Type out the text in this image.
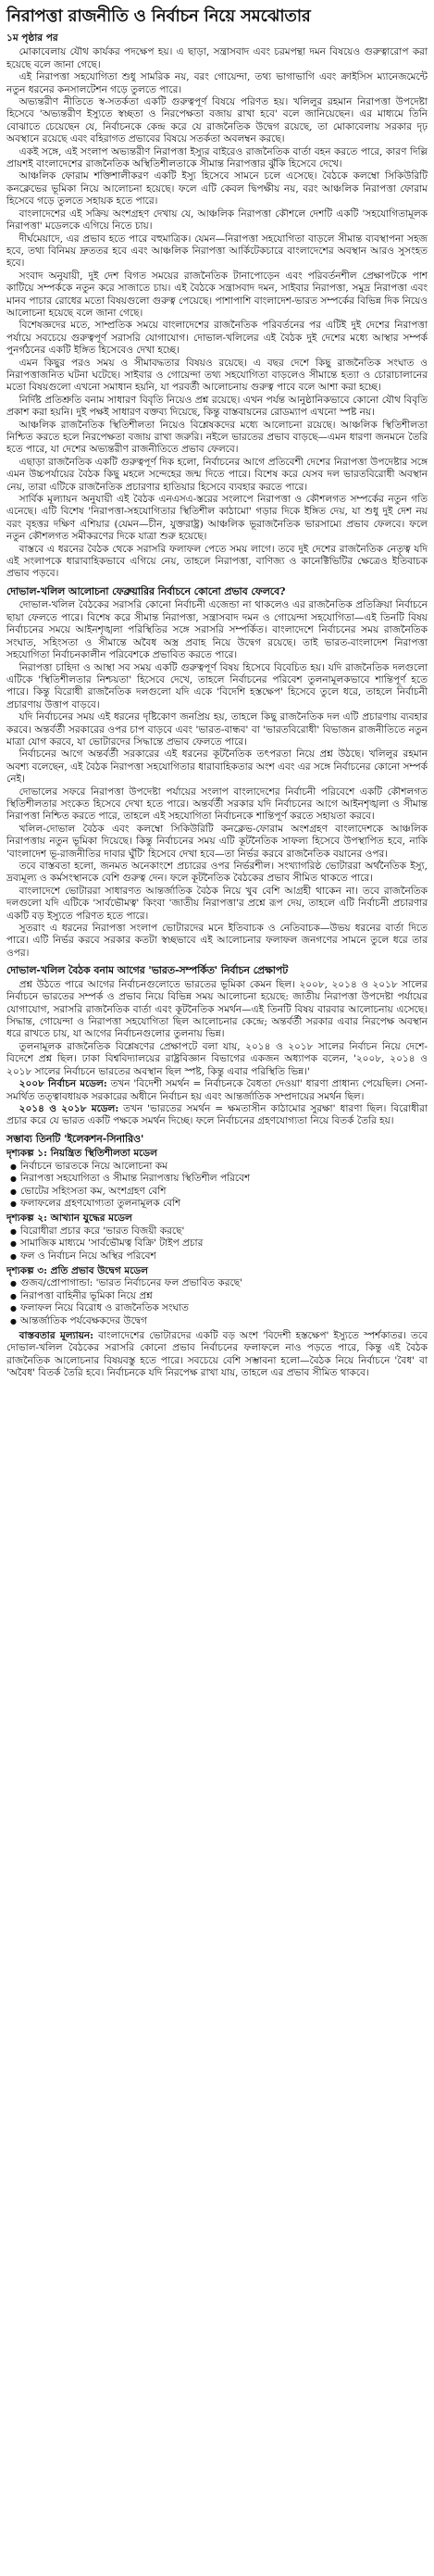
নিরাপত্তা রাজনীতি ও নির্বাচন নিয়ে সমঝোতার
১ম পৃষ্ঠার পর

মোকাবেলায় যৌথ কার্যকর পদক্ষেপ হয়। এ ছাড়া, সন্ত্রাসবাদ এবং চরমপন্থা দমন বিষয়েও গুরুত্বারোপ করা হয়েছে বলে জানা গেছে।

এই নিরাপত্তা সহযোগিতা শুধু সামরিক নয়, বরং গোয়েন্দা, তথ্য ভাগাভাগি এবং ক্রাইসিস ম্যানেজমেন্টে নতুন ধরনের কনসালটেশন গড়ে তুলতে পারে।

অভ্যন্তরীণ নীতিতে স্ব-সতর্কতা একটি গুরুত্বপূর্ণ বিষয়ে পরিণত হয়। খলিলুর রহমান নিরাপত্তা উপদেষ্টা হিসেবে 'অভ্যন্তরীণ ইস্যুতে স্বচ্ছতা ও নিরপেক্ষতা বজায় রাখা হবে' বলে জানিয়েছেন। এর মাধ্যমে তিনি বোঝাতে চেয়েছেন যে, নির্বাচনকে কেন্দ্র করে যে রাজনৈতিক উদ্বেগ রয়েছে, তা মোকাবেলায় সরকার দৃঢ় অবস্থানে রয়েছে এবং বহিরাগত প্রভাবের বিষয়ে সতর্কতা অবলম্বন করছে।

একই সঙ্গে, এই সংলাপ অভ্যন্তরীণ নিরাপত্তা ইস্যুর বাইরেও রাজনৈতিক বার্তা বহন করতে পারে, কারণ দিল্লি প্রায়শই বাংলাদেশের রাজনৈতিক অস্থিতিশীলতাকে সীমান্ত নিরাপত্তার ঝুঁকি হিসেবে দেখে।

আঞ্চলিক ফোরাম শক্তিশালীকরণ একটি ইস্যু হিসেবে সামনে চলে এসেছে। বৈঠকে কলম্বো সিকিউরিটি কনক্লেভের ভূমিকা নিয়ে আলোচনা হয়েছে। ফলে এটি কেবল দ্বিপক্ষীয় নয়, বরং আঞ্চলিক নিরাপত্তা ফোরাম হিসেবে গড়ে তুলতে সহায়ক হতে পারে।

বাংলাদেশের এই সক্রিয় অংশগ্রহণ দেখায় যে, আঞ্চলিক নিরাপত্তা কৌশলে দেশটি একটি 'সহযোগিতামূলক নিরাপত্তা' মডেলকে এগিয়ে নিতে চায়।

দীর্ঘমেয়াদে, এর প্রভাব হতে পারে বহুমাত্রিক। যেমন—নিরাপত্তা সহযোগিতা বাড়লে সীমান্ত ব্যবস্থাপনা সহজ হবে, তথ্য বিনিময় দ্রুততর হবে এবং আঞ্চলিক নিরাপত্তা আর্কিটেকচারে বাংলাদেশের অবস্থান আরও সুসংহত হবে।

সংবাদ অনুযায়ী, দুই দেশ বিগত সময়ের রাজনৈতিক টানাপোড়েন এবং পরিবর্তনশীল প্রেক্ষাপটকে পাশ কাটিয়ে সম্পর্ককে নতুন করে সাজাতে চায়। এই বৈঠকে সন্ত্রাসবাদ দমন, সাইবার নিরাপত্তা, সমুদ্র নিরাপত্তা এবং মানব পাচার রোধের মতো বিষয়গুলো গুরুত্ব পেয়েছে। পাশাপাশি বাংলাদেশ-ভারত সম্পর্কের বিভিন্ন দিক নিয়েও আলোচনা হয়েছে বলে জানা গেছে।

বিশেষজ্ঞদের মতে, সাম্প্রতিক সময়ে বাংলাদেশের রাজনৈতিক পরিবর্তনের পর এটিই দুই দেশের নিরাপত্তা পর্যায়ে সবচেয়ে গুরুত্বপূর্ণ সরাসরি যোগাযোগ। দোভাল-খলিলের এই বৈঠক দুই দেশের মধ্যে আস্থার সম্পর্ক পুনর্গঠনের একটি ইঙ্গিত হিসেবেও দেখা হচ্ছে।

এমন কিছুর পরও সময় ও সীমাবদ্ধতার বিষয়ও রয়েছে। এ বছর দেশে কিছু রাজনৈতিক সংঘাত ও নিরাপত্তাজনিত ঘটনা ঘটেছে। সাইবার ও গোয়েন্দা তথ্য সহযোগিতা বাড়লেও সীমান্তে হত্যা ও চোরাচালানের মতো বিষয়গুলো এখনো সমাধান হয়নি, যা পরবর্তী আলোচনায় গুরুত্ব পাবে বলে আশা করা হচ্ছে।

নির্দিষ্ট প্রতিশ্রুতি বনাম সাধারণ বিবৃতি নিয়েও প্রশ্ন রয়েছে। এখন পর্যন্ত আনুষ্ঠানিকভাবে কোনো যৌথ বিবৃতি প্রকাশ করা হয়নি। দুই পক্ষই সাধারণ বক্তব্য দিয়েছে, কিন্তু বাস্তবায়নের রোডম্যাপ এখনো স্পষ্ট নয়।

আঞ্চলিক রাজনৈতিক স্থিতিশীলতা নিয়েও বিশ্লেষকদের মধ্যে আলোচনা রয়েছে। আঞ্চলিক স্থিতিশীলতা নিশ্চিত করতে হলে নিরপেক্ষতা বজায় রাখা জরুরি। নইলে ভারতের প্রভাব বাড়ছে—এমন ধারণা জনমনে তৈরি হতে পারে, যা দেশের অভ্যন্তরীণ রাজনীতিতে প্রভাব ফেলবে।

এছাড়া রাজনৈতিক একটি গুরুত্বপূর্ণ দিক হলো, নির্বাচনের আগে প্রতিবেশী দেশের নিরাপত্তা উপদেষ্টার সঙ্গে এমন উচ্চপর্যায়ের বৈঠক কিছু মহলে সন্দেহের জন্ম দিতে পারে। বিশেষ করে যেসব দল ভারতবিরোধী অবস্থান নেয়, তারা এটিকে রাজনৈতিক প্রচারণার হাতিয়ার হিসেবে ব্যবহার করতে পারে।

সার্বিক মূল্যায়ন অনুযায়ী এই বৈঠক এনএসএ-স্তরের সংলাপে নিরাপত্তা ও কৌশলগত সম্পর্কের নতুন গতি এনেছে। এটি বিশেষ 'নিরাপত্তা-সহযোগিতার স্থিতিশীল কাঠামো' গড়ার দিকে ইঙ্গিত দেয়, যা শুধু দুই দেশ নয় বরং বৃহত্তর দক্ষিণ এশিয়ার (যেমন—চীন, যুক্তরাষ্ট্র) আঞ্চলিক ভূরাজনৈতিক ভারসাম্যে প্রভাব ফেলবে। ফলে নতুন কৌশলগত সমীকরণের দিকে যাত্রা শুরু হয়েছে।

বাস্তবে এ ধরনের বৈঠক থেকে সরাসরি ফলাফল পেতে সময় লাগে। তবে দুই দেশের রাজনৈতিক নেতৃত্ব যদি এই সংলাপকে ধারাবাহিকভাবে এগিয়ে নেয়, তাহলে নিরাপত্তা, বাণিজ্য ও কানেক্টিভিটির ক্ষেত্রেও ইতিবাচক প্রভাব পড়বে।

দোভাল-খলিল আলোচনা ফেব্রুয়ারির নির্বাচনে কোনো প্রভাব ফেলবে?

দোভাল-খলিল বৈঠকের সরাসরি কোনো নির্বাচনী এজেন্ডা না থাকলেও এর রাজনৈতিক প্রতিক্রিয়া নির্বাচনে ছায়া ফেলতে পারে। বিশেষ করে সীমান্ত নিরাপত্তা, সন্ত্রাসবাদ দমন ও গোয়েন্দা সহযোগিতা—এই তিনটি বিষয় নির্বাচনের সময়ে আইনশৃঙ্খলা পরিস্থিতির সঙ্গে সরাসরি সম্পর্কিত। বাংলাদেশে নির্বাচনের সময় রাজনৈতিক সংঘাত, সহিংসতা ও সীমান্তে অবৈধ অস্ত্র প্রবাহ নিয়ে উদ্বেগ রয়েছে। তাই ভারত-বাংলাদেশ নিরাপত্তা সহযোগিতা নির্বাচনকালীন পরিবেশকে প্রভাবিত করতে পারে।

নিরাপত্তা চাহিদা ও আস্থা সব সময় একটি গুরুত্বপূর্ণ বিষয় হিসেবে বিবেচিত হয়। যদি রাজনৈতিক দলগুলো এটিকে 'স্থিতিশীলতার নিশ্চয়তা' হিসেবে দেখে, তাহলে নির্বাচনের পরিবেশ তুলনামূলকভাবে শান্তিপূর্ণ হতে পারে। কিন্তু বিরোধী রাজনৈতিক দলগুলো যদি একে 'বিদেশি হস্তক্ষেপ' হিসেবে তুলে ধরে, তাহলে নির্বাচনী প্রচারণায় উত্তাপ বাড়বে।

যদি নির্বাচনের সময় এই ধরনের দৃষ্টিকোণ জনপ্রিয় হয়, তাহলে কিছু রাজনৈতিক দল এটি প্রচারণায় ব্যবহার করবে। অন্তর্বর্তী সরকারের ওপর চাপ বাড়বে এবং 'ভারত-বান্ধব' বা 'ভারতবিরোধী' বিভাজন রাজনীতিতে নতুন মাত্রা যোগ করবে, যা ভোটারদের সিদ্ধান্তে প্রভাব ফেলতে পারে।

নির্বাচনের আগে অন্তর্বর্তী সরকারের এই ধরনের কূটনৈতিক তৎপরতা নিয়ে প্রশ্ন উঠছে। খলিলুর রহমান অবশ্য বলেছেন, এই বৈঠক নিরাপত্তা সহযোগিতার ধারাবাহিকতার অংশ এবং এর সঙ্গে নির্বাচনের কোনো সম্পর্ক নেই।

দোভালের সফরে নিরাপত্তা উপদেষ্টা পর্যায়ের সংলাপ বাংলাদেশের নির্বাচনী পরিবেশে একটি কৌশলগত স্থিতিশীলতার সংকেত হিসেবে দেখা হতে পারে। অন্তর্বর্তী সরকার যদি নির্বাচনের আগে আইনশৃঙ্খলা ও সীমান্ত নিরাপত্তা নিশ্চিত করতে পারে, তাহলে এই সহযোগিতা নির্বাচনকে শান্তিপূর্ণ করতে সহায়তা করবে।

খলিল-দোভাল বৈঠক এবং কলম্বো সিকিউরিটি কনক্লেভ-ফোরাম অংশগ্রহণ বাংলাদেশকে আঞ্চলিক নিরাপত্তায় নতুন ভূমিকা দিয়েছে। কিন্তু নির্বাচনের সময় এটি কূটনৈতিক সাফল্য হিসেবে উপস্থাপিত হবে, নাকি 'বাংলাদেশ ভূ-রাজনীতির দাবার ঘুঁটি' হিসেবে দেখা হবে—তা নির্ভর করবে রাজনৈতিক বয়ানের ওপর।

তবে বাস্তবতা হলো, জনমত অনেকাংশে প্রচারের ওপর নির্ভরশীল। সংখ্যাগরিষ্ঠ ভোটাররা অর্থনৈতিক ইস্যু, দ্রব্যমূল্য ও কর্মসংস্থানকে বেশি গুরুত্ব দেন। ফলে কূটনৈতিক বৈঠকের প্রভাব সীমিত থাকতে পারে।

বাংলাদেশে ভোটাররা সাধারণত আন্তর্জাতিক বৈঠক নিয়ে খুব বেশি আগ্রহী থাকেন না। তবে রাজনৈতিক দলগুলো যদি এটিকে 'সার্বভৌমত্ব' কিংবা 'জাতীয় নিরাপত্তা'র প্রশ্নে রূপ দেয়, তাহলে এটি নির্বাচনী প্রচারণার একটি বড় ইস্যুতে পরিণত হতে পারে।

সুতরাং এ ধরনের নিরাপত্তা সংলাপ ভোটারদের মনে ইতিবাচক ও নেতিবাচক—উভয় ধরনের বার্তা দিতে পারে। এটি নির্ভর করবে সরকার কতটা স্বচ্ছভাবে এই আলোচনার ফলাফল জনগণের সামনে তুলে ধরে তার ওপর।

দোভাল-খলিল বৈঠক বনাম আগের 'ভারত-সম্পর্কিত' নির্বাচন প্রেক্ষাপট

প্রশ্ন উঠতে পারে আগের নির্বাচনগুলোতে ভারতের ভূমিকা কেমন ছিল। ২০০৮, ২০১৪ ও ২০১৮ সালের নির্বাচনে ভারতের সম্পর্ক ও প্রভাব নিয়ে বিভিন্ন সময় আলোচনা হয়েছে: জাতীয় নিরাপত্তা উপদেষ্টা পর্যায়ের যোগাযোগ, সরাসরি রাজনৈতিক বার্তা এবং কূটনৈতিক সমর্থন—এই তিনটি বিষয় বারবার আলোচনায় এসেছে। সিদ্ধান্ত, গোয়েন্দা ও নিরাপত্তা সহযোগিতা ছিল আলোচনার কেন্দ্রে; অন্তর্বর্তী সরকার এবার নিরপেক্ষ অবস্থান ধরে রাখতে চায়, যা আগের নির্বাচনগুলোর তুলনায় ভিন্ন।

তুলনামূলক রাজনৈতিক বিশ্লেষণের প্রেক্ষাপটে বলা যায়, ২০১৪ ও ২০১৮ সালের নির্বাচন নিয়ে দেশে-বিদেশে প্রশ্ন ছিল। ঢাকা বিশ্ববিদ্যালয়ের রাষ্ট্রবিজ্ঞান বিভাগের একজন অধ্যাপক বলেন, '২০০৮, ২০১৪ ও ২০১৮ সালের নির্বাচনে ভারতের অবস্থান ছিল স্পষ্ট, কিন্তু এবার পরিস্থিতি ভিন্ন।'

২০০৮ নির্বাচন মডেল: তখন 'বিদেশী সমর্থন = নির্বাচনকে বৈধতা দেওয়া' ধারণা প্রাধান্য পেয়েছিল। সেনা-সমর্থিত তত্ত্বাবধায়ক সরকারের অধীনে নির্বাচন হয় এবং আন্তর্জাতিক সম্প্রদায়ের সমর্থন ছিল।

২০১৪ ও ২০১৮ মডেল: তখন 'ভারতের সমর্থন = ক্ষমতাসীন কাঠামোর সুরক্ষা' ধারণা ছিল। বিরোধীরা প্রচার করে যে ভারত একটি পক্ষকে সমর্থন দিচ্ছে। ফলে নির্বাচনের গ্রহণযোগ্যতা নিয়ে বিতর্ক তৈরি হয়।

সম্ভাব্য তিনটি 'ইলেকশন-সিনারিও'
দৃশ্যকল্প ১: নিয়ন্ত্রিত স্থিতিশীলতা মডেল
● নির্বাচনে ভারতকে নিয়ে আলোচনা কম
● নিরাপত্তা সহযোগিতা ও সীমান্ত নিরাপত্তায় স্থিতিশীল পরিবেশ
● ভোটের সহিংসতা কম, অংশগ্রহণ বেশি
● ফলাফলের গ্রহণযোগ্যতা তুলনামূলক বেশি
দৃশ্যকল্প ২: আখ্যান যুদ্ধের মডেল
● বিরোধীরা প্রচার করে 'ভারত বিজয়ী করছে'
● সামাজিক মাধ্যমে 'সার্বভৌমত্ব বিক্রি' টাইপ প্রচার
● ফল ও নির্বাচন নিয়ে অস্থির পরিবেশ
দৃশ্যকল্প ৩: প্রতি প্রভাব উদ্বেগ মডেল
● গুজব/প্রোপাগান্ডা: 'ভারত নির্বাচনের ফল প্রভাবিত করছে'
● নিরাপত্তা বাহিনীর ভূমিকা নিয়ে প্রশ্ন
● ফলাফল নিয়ে বিরোধ ও রাজনৈতিক সংঘাত
● আন্তর্জাতিক পর্যবেক্ষকদের উদ্বেগ

বাস্তবতার মূল্যায়ন: বাংলাদেশের ভোটারদের একটি বড় অংশ 'বিদেশী হস্তক্ষেপ' ইস্যুতে স্পর্শকাতর। তবে দোভাল-খলিল বৈঠকের সরাসরি কোনো প্রভাব নির্বাচনের ফলাফলে নাও পড়তে পারে, কিন্তু এই বৈঠক রাজনৈতিক আলোচনার বিষয়বস্তু হতে পারে। সবচেয়ে বেশি সম্ভাবনা হলো—বৈঠক নিয়ে নির্বাচনে 'বৈধ' বা 'অবৈধ' বিতর্ক তৈরি হবে। নির্বাচনকে যদি নিরপেক্ষ রাখা যায়, তাহলে এর প্রভাব সীমিত থাকবে।
